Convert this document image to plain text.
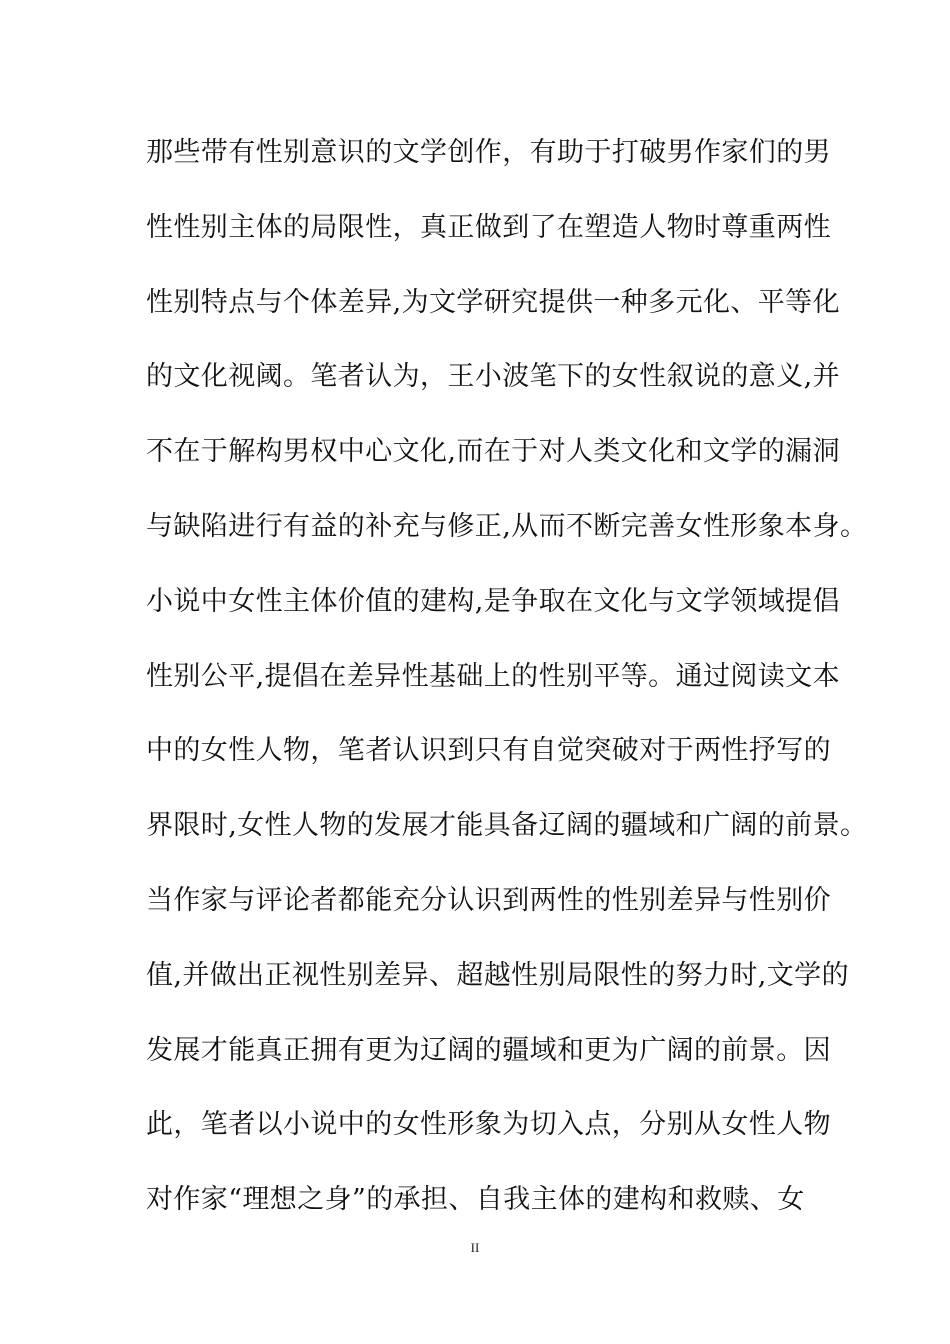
那些带有性别意识的文学创作，有助于打破男作家们的男
性性别主体的局限性，真正做到了在塑造人物时尊重两性
性别特点与个体差异,为文学研究提供一种多元化、平等化
的文化视阈。笔者认为，王小波笔下的女性叙说的意义,并
不在于解构男权中心文化,而在于对人类文化和文学的漏洞
与缺陷进行有益的补充与修正,从而不断完善女性形象本身。
小说中女性主体价值的建构,是争取在文化与文学领域提倡
性别公平,提倡在差异性基础上的性别平等。通过阅读文本
中的女性人物，笔者认识到只有自觉突破对于两性抒写的
界限时,女性人物的发展才能具备辽阔的疆域和广阔的前景。
当作家与评论者都能充分认识到两性的性别差异与性别价
值,并做出正视性别差异、超越性别局限性的努力时,文学的
发展才能真正拥有更为辽阔的疆域和更为广阔的前景。因
此，笔者以小说中的女性形象为切入点，分别从女性人物
对作家“理想之身”的承担、自我主体的建构和救赎、女
II
